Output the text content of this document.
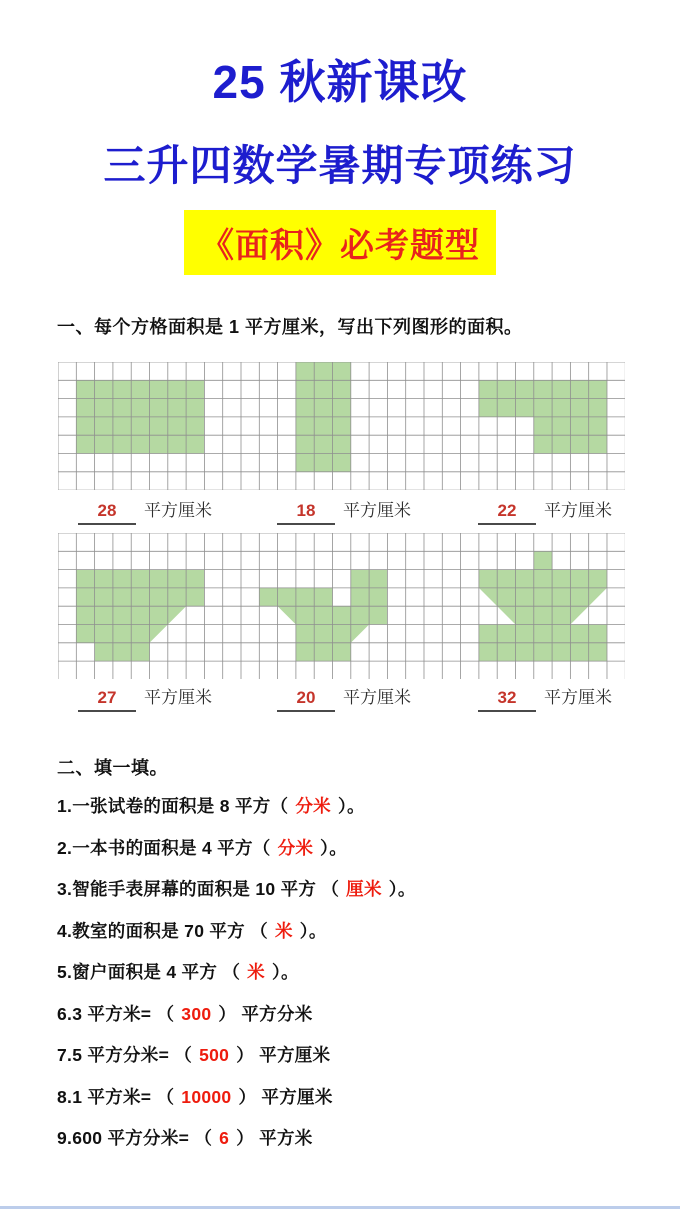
25 秋新课改
三升四数学暑期专项练习
《面积》必考题型
一、每个方格面积是 1 平方厘米，写出下列图形的面积。
28 平方厘米	18 平方厘米	22 平方厘米
27 平方厘米	20 平方厘米	32 平方厘米
二、填一填。
1.一张试卷的面积是 8 平方（ 分米 ）。
2.一本书的面积是 4 平方（ 分米 ）。
3.智能手表屏幕的面积是 10 平方 （ 厘米 ）。
4.教室的面积是 70 平方 （ 米 ）。
5.窗户面积是 4 平方 （ 米 ）。
6.3 平方米= （ 300 ） 平方分米
7.5 平方分米= （ 500 ） 平方厘米
8.1 平方米= （ 10000 ） 平方厘米
9.600 平方分米= （ 6 ） 平方米
